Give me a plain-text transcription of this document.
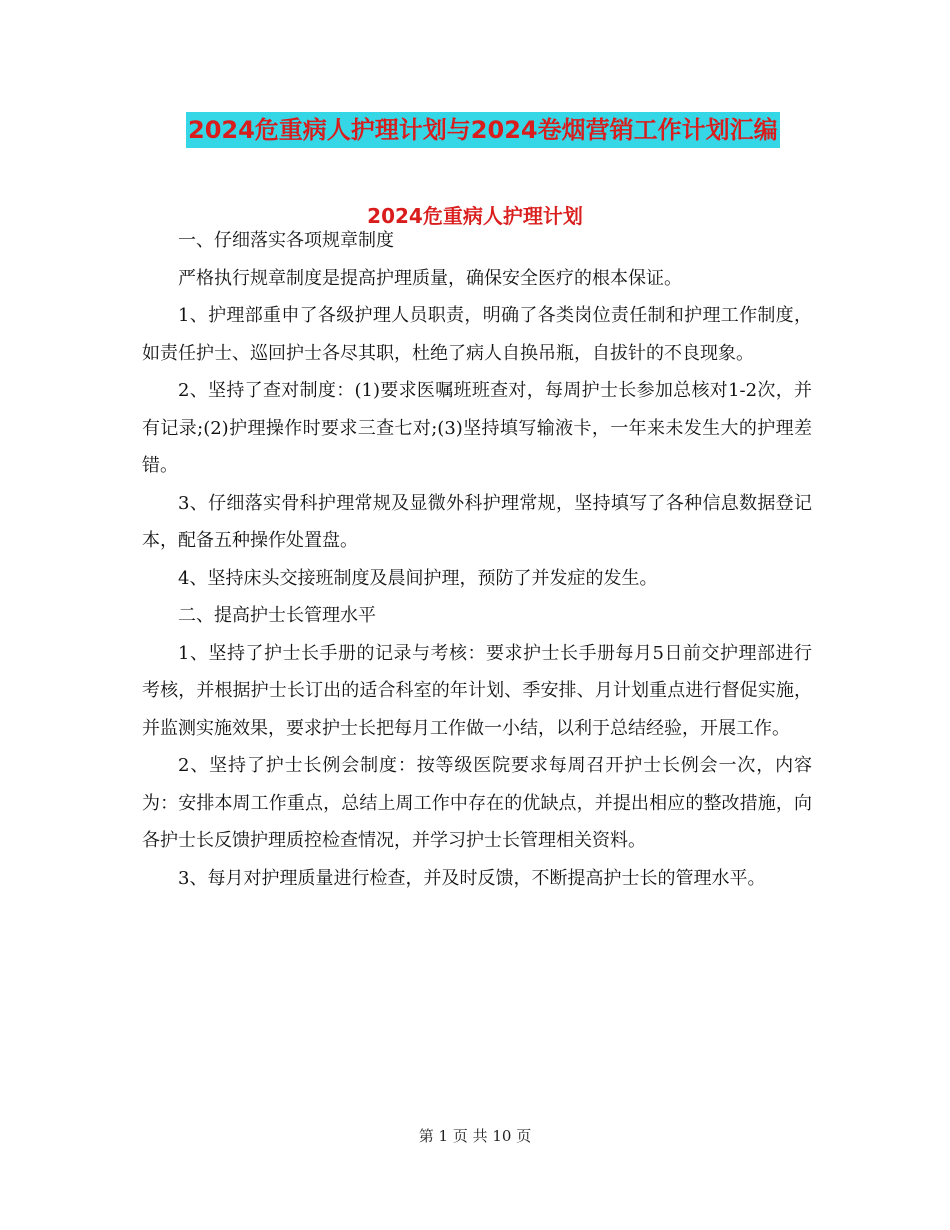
2024危重病人护理计划与2024卷烟营销工作计划汇编
2024危重病人护理计划

一、仔细落实各项规章制度

严格执行规章制度是提高护理质量，确保安全医疗的根本保证。

1、护理部重申了各级护理人员职责，明确了各类岗位责任制和护理工作制度，如责任护士、巡回护士各尽其职，杜绝了病人自换吊瓶，自拔针的不良现象。

2、坚持了查对制度：(1)要求医嘱班班查对，每周护士长参加总核对1-2次，并有记录;(2)护理操作时要求三查七对;(3)坚持填写输液卡，一年来未发生大的护理差错。

3、仔细落实骨科护理常规及显微外科护理常规，坚持填写了各种信息数据登记本，配备五种操作处置盘。

4、坚持床头交接班制度及晨间护理，预防了并发症的发生。

二、提高护士长管理水平

1、坚持了护士长手册的记录与考核：要求护士长手册每月5日前交护理部进行考核，并根据护士长订出的适合科室的年计划、季安排、月计划重点进行督促实施，并监测实施效果，要求护士长把每月工作做一小结，以利于总结经验，开展工作。

2、坚持了护士长例会制度：按等级医院要求每周召开护士长例会一次，内容为：安排本周工作重点，总结上周工作中存在的优缺点，并提出相应的整改措施，向各护士长反馈护理质控检查情况，并学习护士长管理相关资料。

3、每月对护理质量进行检查，并及时反馈，不断提高护士长的管理水平。

第 1 页 共 10 页
